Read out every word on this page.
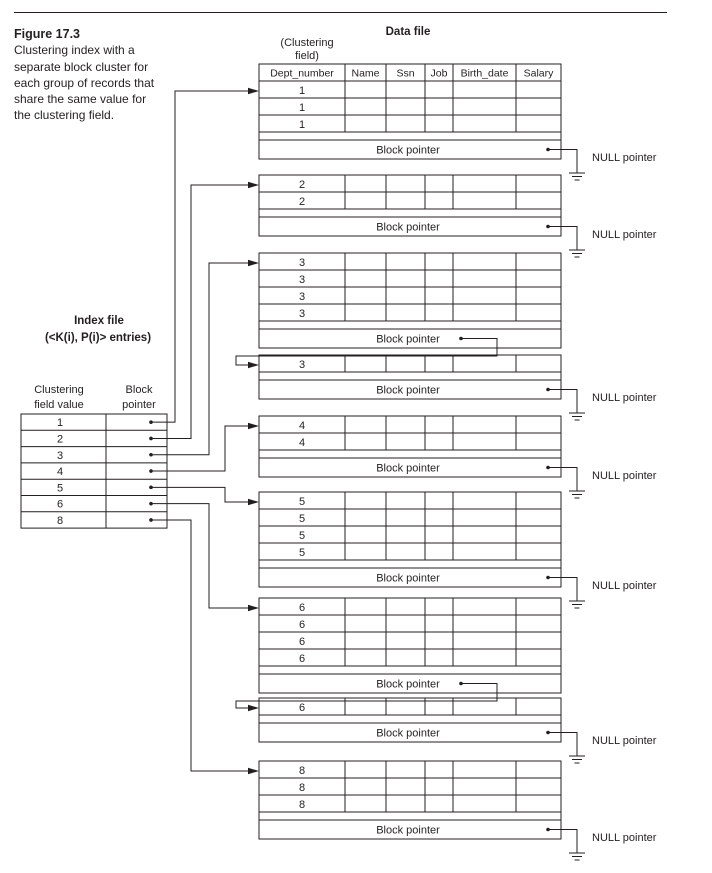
Figure 17.3
Clustering index with a separate block cluster for each group of records that share the same value for the clustering field.
Data file
(Clustering field)
Index file
(<K(i), P(i)> entries)
Clustering field value
Block pointer
Dept_number Name Ssn Job Birth_date Salary
1
1
1
Block pointer
NULL pointer
2
2
Block pointer
NULL pointer
3
3
3
3
Block pointer
3
Block pointer
NULL pointer
4
4
Block pointer
NULL pointer
5
5
5
5
Block pointer
NULL pointer
6
6
6
6
Block pointer
6
Block pointer
NULL pointer
8
8
8
Block pointer
NULL pointer
1
2
3
4
5
6
8
